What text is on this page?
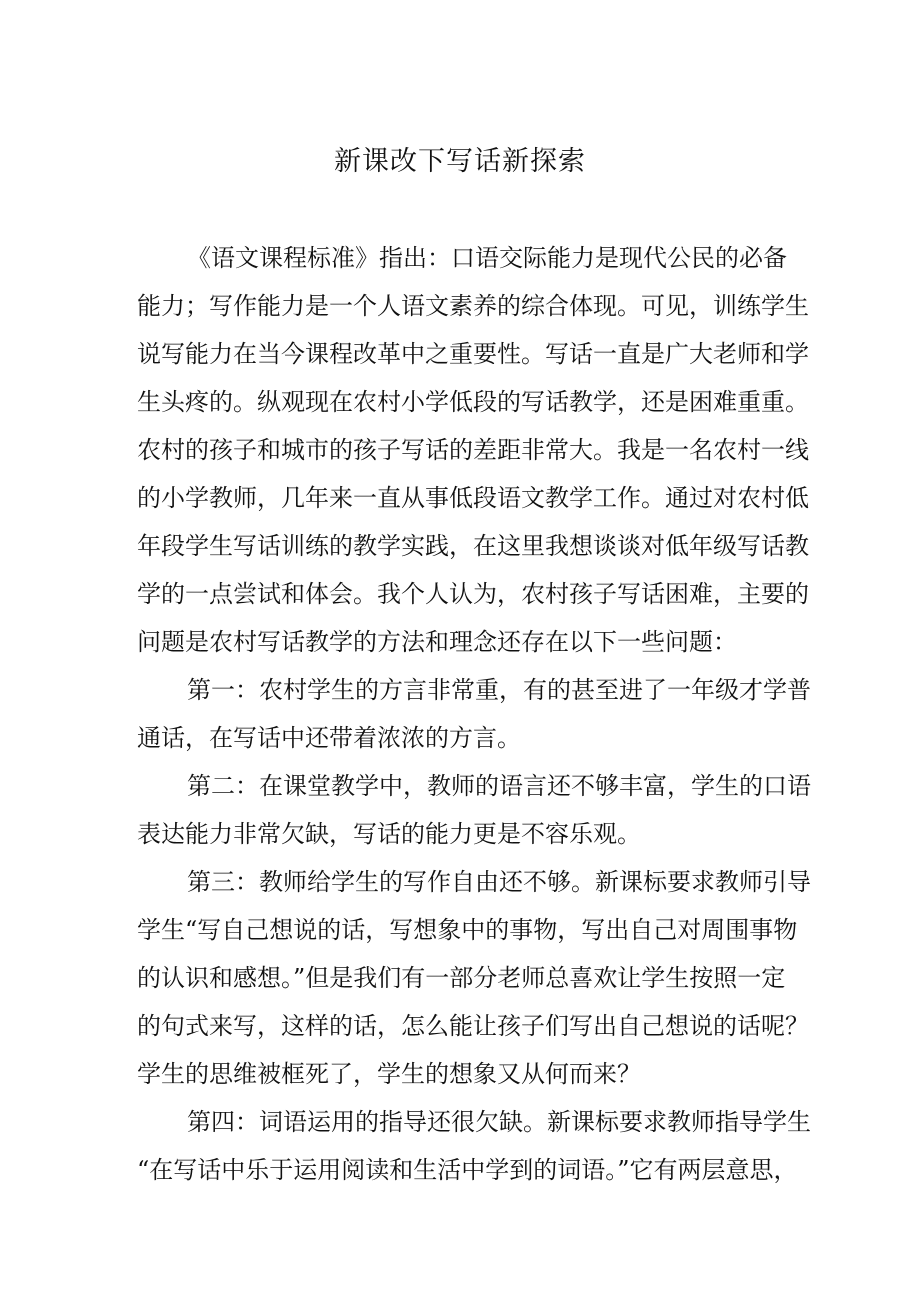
新课改下写话新探索
《语文课程标准》指出：口语交际能力是现代公民的必备
能力；写作能力是一个人语文素养的综合体现。可见，训练学生
说写能力在当今课程改革中之重要性。写话一直是广大老师和学
生头疼的。纵观现在农村小学低段的写话教学，还是困难重重。
农村的孩子和城市的孩子写话的差距非常大。我是一名农村一线
的小学教师，几年来一直从事低段语文教学工作。通过对农村低
年段学生写话训练的教学实践，在这里我想谈谈对低年级写话教
学的一点尝试和体会。我个人认为，农村孩子写话困难，主要的
问题是农村写话教学的方法和理念还存在以下一些问题：
第一：农村学生的方言非常重，有的甚至进了一年级才学普
通话，在写话中还带着浓浓的方言。
第二：在课堂教学中，教师的语言还不够丰富，学生的口语
表达能力非常欠缺，写话的能力更是不容乐观。
第三：教师给学生的写作自由还不够。新课标要求教师引导
学生“写自己想说的话，写想象中的事物，写出自己对周围事物
的认识和感想。”但是我们有一部分老师总喜欢让学生按照一定
的句式来写，这样的话，怎么能让孩子们写出自己想说的话呢？
学生的思维被框死了，学生的想象又从何而来？
第四：词语运用的指导还很欠缺。新课标要求教师指导学生
“在写话中乐于运用阅读和生活中学到的词语。”它有两层意思，
